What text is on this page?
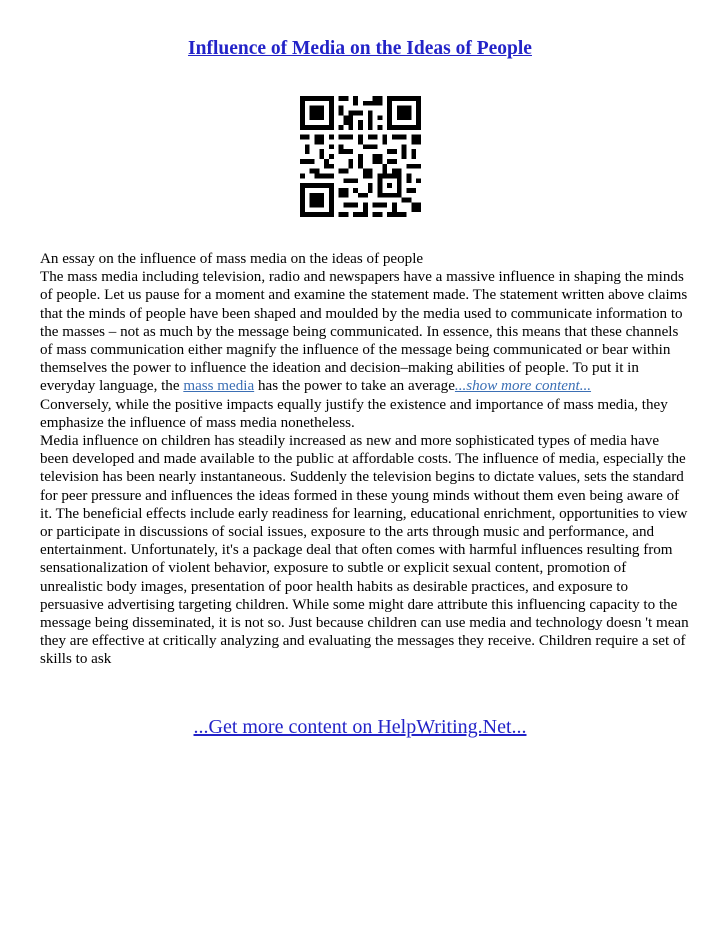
Influence of Media on the Ideas of People

An essay on the influence of mass media on the ideas of people

The mass media including television, radio and newspapers have a massive influence in shaping the minds of people. Let us pause for a moment and examine the statement made. The statement written above claims that the minds of people have been shaped and moulded by the media used to communicate information to the masses – not as much by the message being communicated. In essence, this means that these channels of mass communication either magnify the influence of the message being communicated or bear within themselves the power to influence the ideation and decision–making abilities of people. To put it in everyday language, the mass media has the power to take an average...show more content...

Conversely, while the positive impacts equally justify the existence and importance of mass media, they emphasize the influence of mass media nonetheless.

Media influence on children has steadily increased as new and more sophisticated types of media have been developed and made available to the public at affordable costs. The influence of media, especially the television has been nearly instantaneous. Suddenly the television begins to dictate values, sets the standard for peer pressure and influences the ideas formed in these young minds without them even being aware of it. The beneficial effects include early readiness for learning, educational enrichment, opportunities to view or participate in discussions of social issues, exposure to the arts through music and performance, and entertainment. Unfortunately, it's a package deal that often comes with harmful influences resulting from sensationalization of violent behavior, exposure to subtle or explicit sexual content, promotion of unrealistic body images, presentation of poor health habits as desirable practices, and exposure to persuasive advertising targeting children. While some might dare attribute this influencing capacity to the message being disseminated, it is not so. Just because children can use media and technology doesn 't mean they are effective at critically analyzing and evaluating the messages they receive. Children require a set of skills to ask

...Get more content on HelpWriting.Net...
